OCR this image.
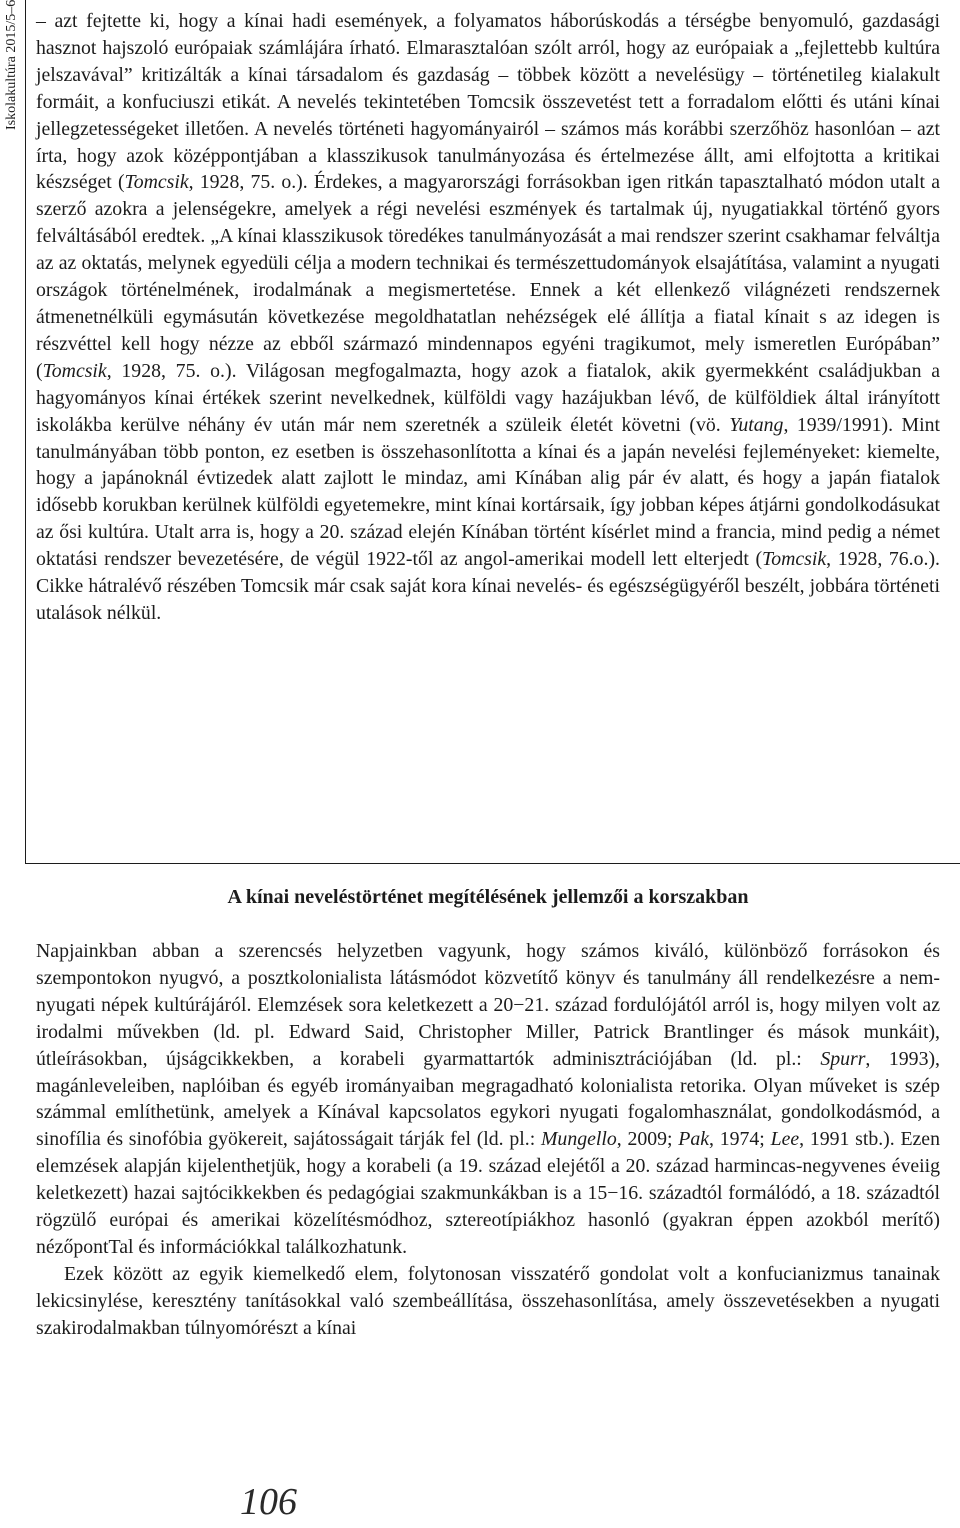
Iskolakultúra 2015/5–6 – azt fejtette ki, hogy a kínai hadi események, a folyamatos háborúskodás a térségbe benyomuló, gazdasági hasznot hajszoló európaiak számlájára írható. Elmarasztalóan szólt arról, hogy az európaiak a „fejlettebb kultúra jelszavával” kritizálták a kínai társadalom és gazdaság – többek között a nevelésügy – történetileg kialakult formáit, a konfuciuszi etikát. A nevelés tekintetében Tomcsik összevetést tett a forradalom előtti és utáni kínai jellegzetességeket illetően. A nevelés történeti hagyományairól – számos más korábbi szerzőhöz hasonlóan – azt írta, hogy azok középpontjában a klasszikusok tanulmányozása és értelmezése állt, ami elfojtotta a kritikai készséget (Tomcsik, 1928, 75. o.). Érdekes, a magyarországi forrásokban igen ritkán tapasztalható módon utalt a szerző azokra a jelenségekre, amelyek a régi nevelési eszmények és tartalmak új, nyugatiakkal történő gyors felváltásából eredtek. „A kínai klasszikusok töredékes tanulmányozását a mai rendszer szerint csakhamar felváltja az az oktatás, melynek egyedüli célja a modern technikai és természettudományok elsajátítása, valamint a nyugati országok történelmének, irodalmának a megismertetése. Ennek a két ellenkező világnézeti rendszernek átmenetnélküli egymásután következése megoldhatatlan nehézségek elé állítja a fiatal kínait s az idegen is részvéttel kell hogy nézze az ebből származó mindennapos egyéni tragikumot, mely ismeretlen Európában” (Tomcsik, 1928, 75. o.). Világosan megfogalmazta, hogy azok a fiatalok, akik gyermekként családjukban a hagyományos kínai értékek szerint nevelkednek, külföldi vagy hazájukban lévő, de külföldiek által irányított iskolákba kerülve néhány év után már nem szeretnék a szüleik életét követni (vö. Yutang, 1939/1991). Mint tanulmányában több ponton, ez esetben is összehasonlította a kínai és a japán nevelési fejleményeket: kiemelte, hogy a japánoknál évtizedek alatt zajlott le mindaz, ami Kínában alig pár év alatt, és hogy a japán fiatalok idősebb korukban kerülnek külföldi egyetemekre, mint kínai kortársaik, így jobban képes átjárni gondolkodásukat az ősi kultúra. Utalt arra is, hogy a 20. század elején Kínában történt kísérlet mind a francia, mind pedig a német oktatási rendszer bevezetésére, de végül 1922-től az angol-amerikai modell lett elterjedt (Tomcsik, 1928, 76.o.). Cikke hátralévő részében Tomcsik már csak saját kora kínai nevelés- és egészségügyéről beszélt, jobbára történeti utalások nélkül.

A kínai neveléstörténet megítélésének jellemzői a korszakban

Napjainkban abban a szerencsés helyzetben vagyunk, hogy számos kiváló, különböző forrásokon és szempontokon nyugvó, a posztkolonialista látásmódot közvetítő könyv és tanulmány áll rendelkezésre a nem-nyugati népek kultúrájáról. Elemzések sora keletkezett a 20−21. század fordulójától arról is, hogy milyen volt az irodalmi művekben (ld. pl. Edward Said, Christopher Miller, Patrick Brantlinger és mások munkáit), útleírásokban, újságcikkekben, a korabeli gyarmattartók adminisztrációjában (ld. pl.: Spurr, 1993), magánleveleiben, naplóiban és egyéb irományaiban megragadható kolonialista retorika. Olyan műveket is szép számmal említhetünk, amelyek a Kínával kapcsolatos egykori nyugati fogalomhasználat, gondolkodásmód, a sinofília és sinofóbia gyökereit, sajátosságait tárják fel (ld. pl.: Mungello, 2009; Pak, 1974; Lee, 1991 stb.). Ezen elemzések alapján kijelenthetjük, hogy a korabeli (a 19. század elejétől a 20. század harmincas-negyvenes éveiig keletkezett) hazai sajtócikkekben és pedagógiai szakmunkákban is a 15−16. századtól formálódó, a 18. századtól rögzülő európai és amerikai közelítésmódhoz, sztereotípiákhoz hasonló (gyakran éppen azokból merítő) nézőpontTal és információkkal találkozhatunk.

Ezek között az egyik kiemelkedő elem, folytonosan visszatérő gondolat volt a konfucianizmus tanainak lekicsinylése, keresztény tanításokkal való szembeállítása, összehasonlítása, amely összevetésekben a nyugati szakirodalmakban túlnyomórészt a kínai

106
